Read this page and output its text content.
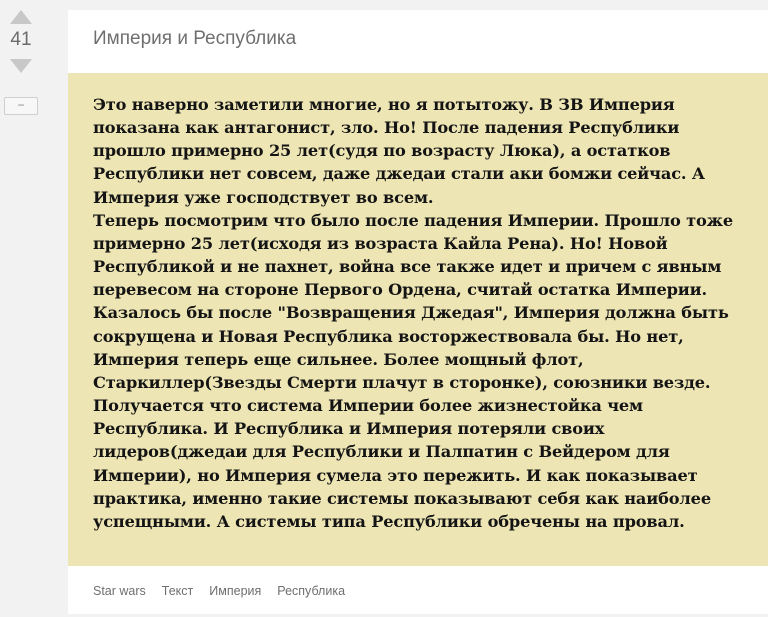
41
−
Империя и Республика

Это наверно заметили многие, но я потытожу. В ЗВ Империя
показана как антагонист, зло. Но! После падения Республики
прошло примерно 25 лет(судя по возрасту Люка), а остатков
Республики нет совсем, даже джедаи стали аки бомжи сейчас. А
Империя уже господствует во всем.
Теперь посмотрим что было после падения Империи. Прошло тоже
примерно 25 лет(исходя из возраста Кайла Рена). Но! Новой
Республикой и не пахнет, война все также идет и причем с явным
перевесом на стороне Первого Ордена, считай остатка Империи.
Казалось бы после "Возвращения Джедая", Империя должна быть
сокрущена и Новая Республика восторжествовала бы. Но нет,
Империя теперь еще сильнее. Более мощный флот,
Старкиллер(Звезды Смерти плачут в сторонке), союзники везде.
Получается что система Империи более жизнестойка чем
Республика. И Республика и Империя потеряли своих
лидеров(джедаи для Республики и Палпатин с Вейдером для
Империи), но Империя сумела это пережить. И как показывает
практика, именно такие системы показывают себя как наиболее
успещными. А системы типа Республики обречены на провал.

Star wars Текст Империя Республика
